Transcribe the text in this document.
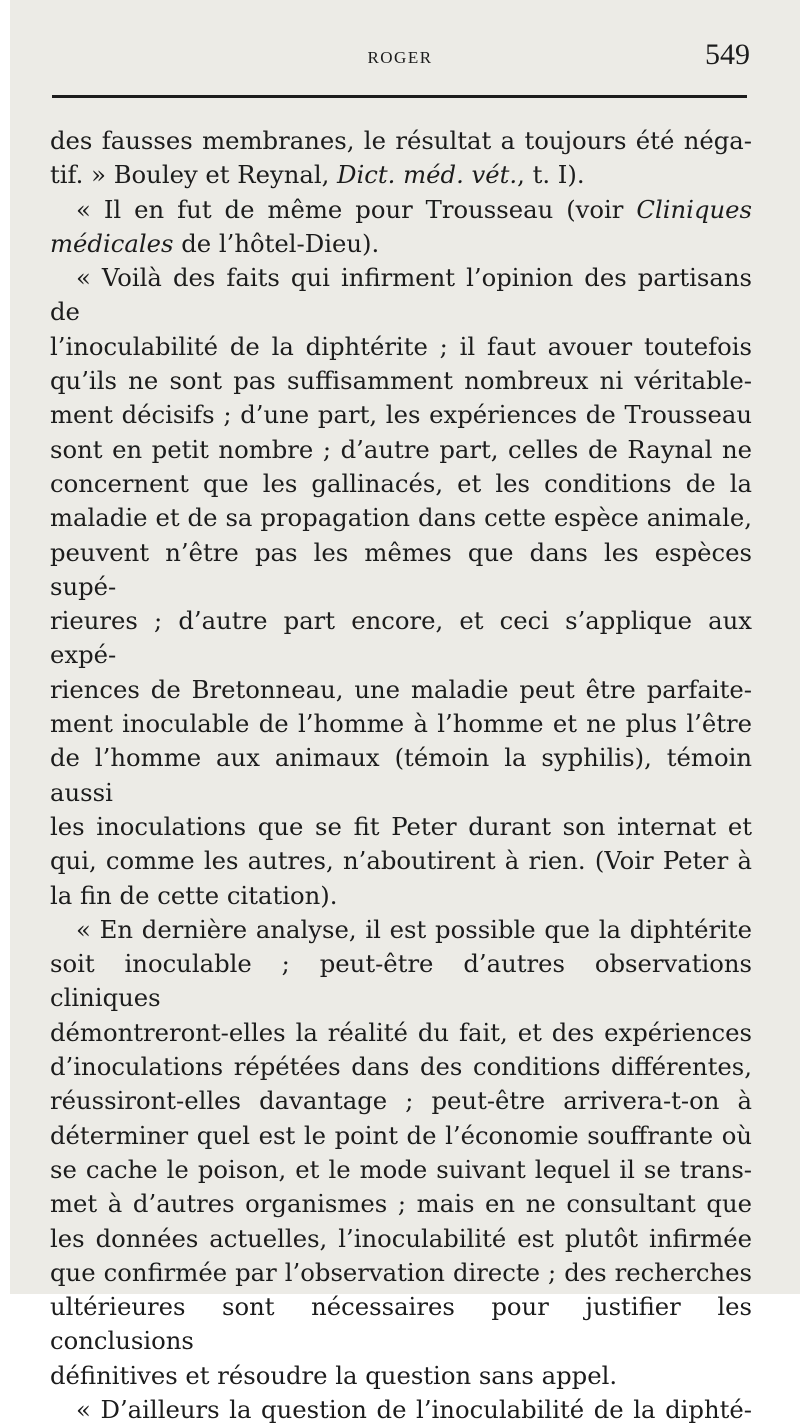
ROGER	549

des fausses membranes, le résultat a toujours été néga-

tif. » Bouley et Reynal, Dict. méd. vét., t. I).

« Il en fut de même pour Trousseau (voir Cliniques

médicales de l’hôtel-Dieu).

« Voilà des faits qui infirment l’opinion des partisans de

l’inoculabilité de la diphtérite ; il faut avouer toutefois

qu’ils ne sont pas suffisamment nombreux ni véritable-

ment décisifs ; d’une part, les expériences de Trousseau

sont en petit nombre ; d’autre part, celles de Raynal ne

concernent que les gallinacés, et les conditions de la

maladie et de sa propagation dans cette espèce animale,

peuvent n’être pas les mêmes que dans les espèces supé-

rieures ; d’autre part encore, et ceci s’applique aux expé-

riences de Bretonneau, une maladie peut être parfaite-

ment inoculable de l’homme à l’homme et ne plus l’être

de l’homme aux animaux (témoin la syphilis), témoin aussi

les inoculations que se fit Peter durant son internat et

qui, comme les autres, n’aboutirent à rien. (Voir Peter à

la fin de cette citation).

« En dernière analyse, il est possible que la diphtérite

soit inoculable ; peut-être d’autres observations cliniques

démontreront-elles la réalité du fait, et des expériences

d’inoculations répétées dans des conditions différentes,

réussiront-elles davantage ; peut-être arrivera-t-on à

déterminer quel est le point de l’économie souffrante où

se cache le poison, et le mode suivant lequel il se trans-

met à d’autres organismes ; mais en ne consultant que

les données actuelles, l’inoculabilité est plutôt infirmée

que confirmée par l’observation directe ; des recherches

ultérieures sont nécessaires pour justifier les conclusions

définitives et résoudre la question sans appel.

« D’ailleurs la question de l’inoculabilité de la diphté-
